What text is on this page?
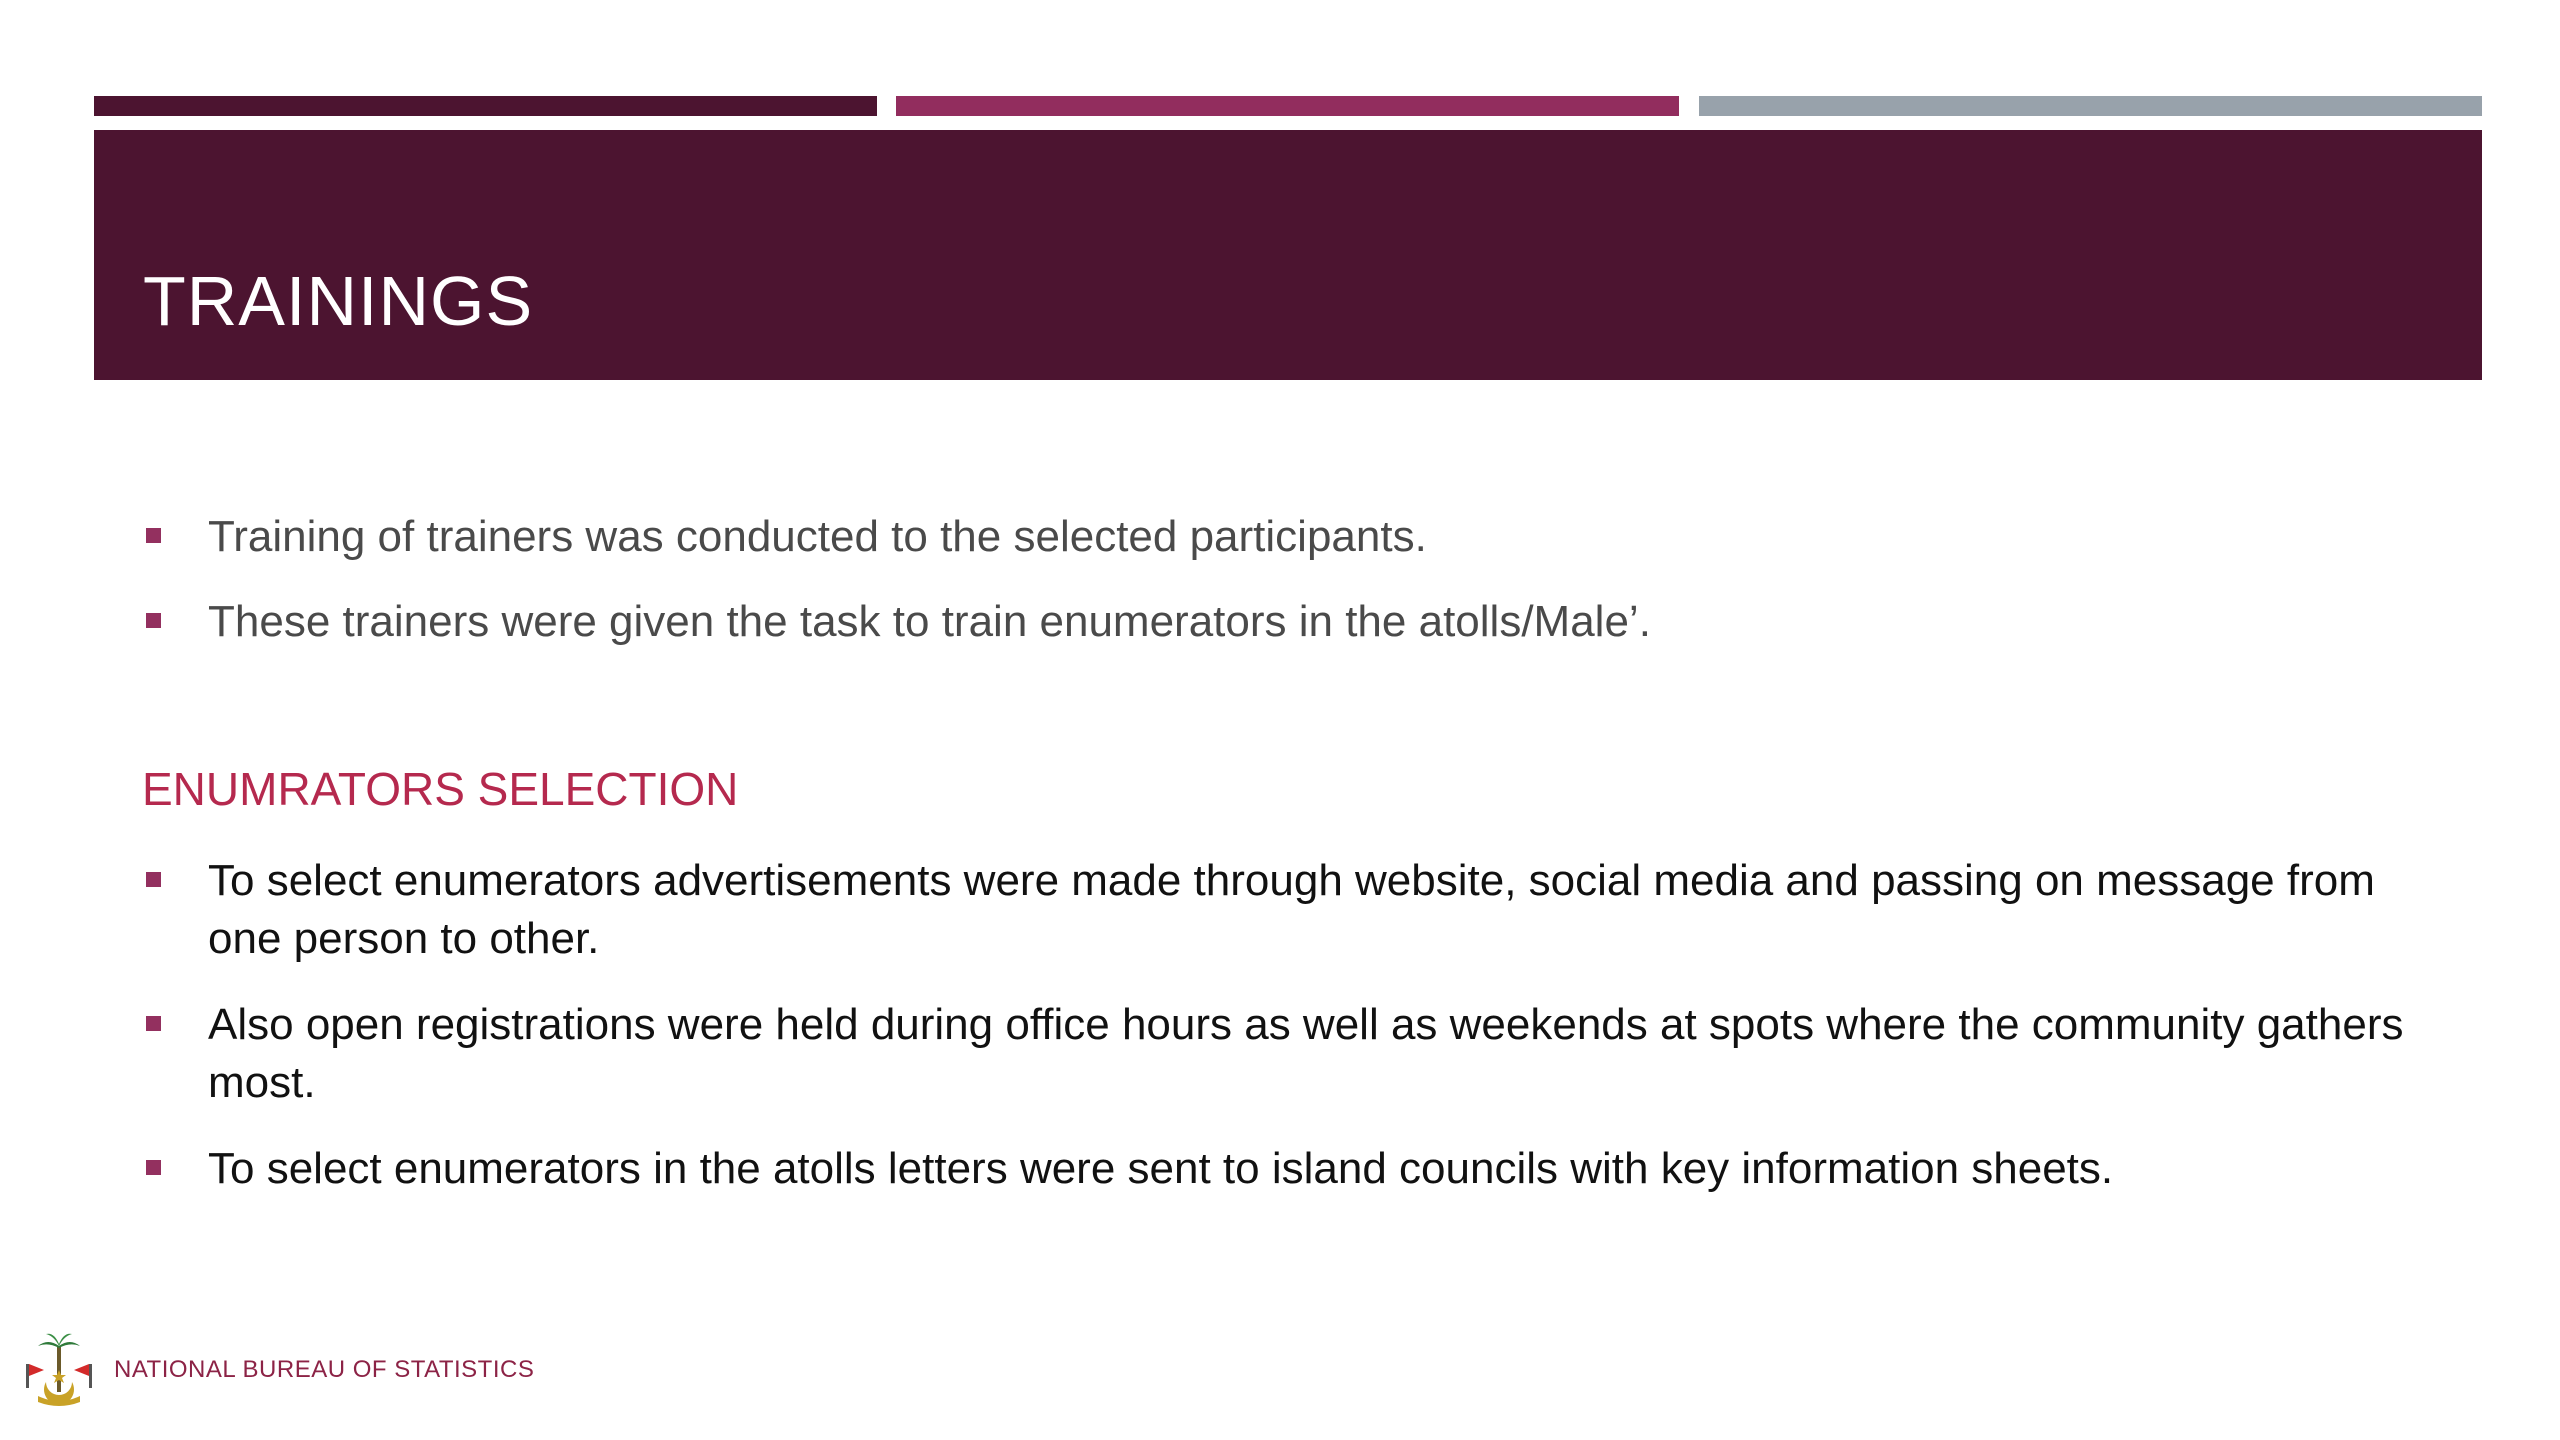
TRAININGS
Training of trainers was conducted to the selected participants.
These trainers were given the task to train enumerators in the atolls/Male’.
ENUMRATORS SELECTION
To select enumerators advertisements were made through website, social media and passing on message from one person to other.
Also open registrations were held during office hours as well as weekends at spots where the community gathers most.
To select enumerators in the atolls letters were sent to island councils with key information sheets.
NATIONAL BUREAU OF STATISTICS
